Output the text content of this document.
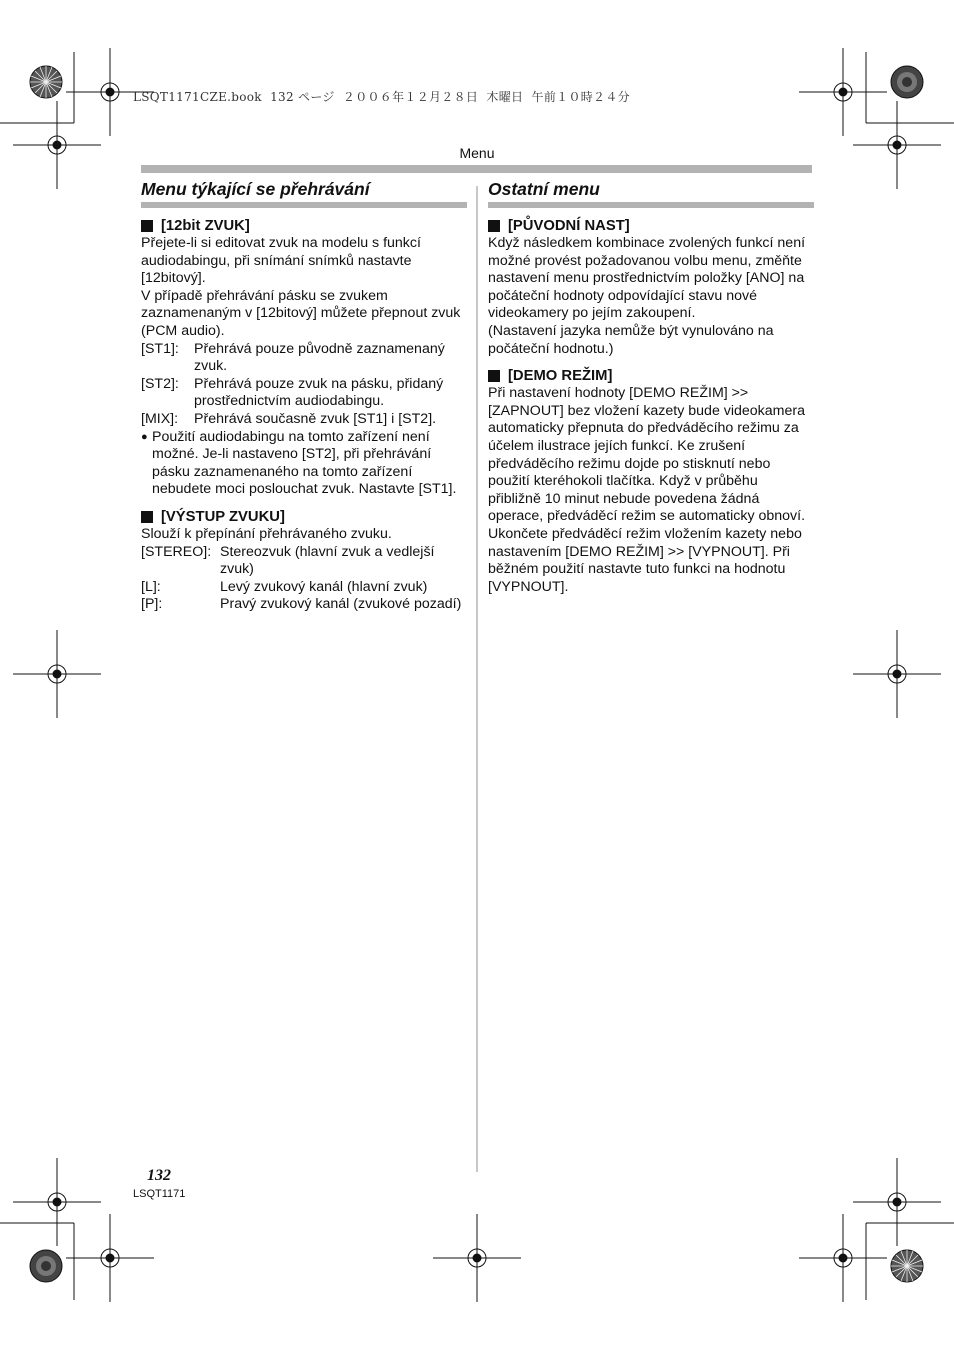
LSQT1171CZE.book  132 ページ  ２００６年１２月２８日  木曜日  午前１０時２４分
Menu
Menu týkající se přehrávání
[12bit ZVUK]

Přejete-li si editovat zvuk na modelu s funkcí audiodabingu, při snímání snímků nastavte [12bitový].

V případě přehrávání pásku se zvukem zaznamenaným v [12bitový] můžete přepnout zvuk (PCM audio).

[ST1]:	Přehrává pouze původně zaznamenaný zvuk.
[ST2]:	Přehrává pouze zvuk na pásku, přidaný prostřednictvím audiodabingu.
[MIX]:	Přehrává současně zvuk [ST1] i [ST2].
● Použití audiodabingu na tomto zařízení není možné. Je-li nastaveno [ST2], při přehrávání pásku zaznamenaného na tomto zařízení nebudete moci poslouchat zvuk. Nastavte [ST1].
[VÝSTUP ZVUKU]

Slouží k přepínání přehrávaného zvuku.

[STEREO]: Stereozvuk (hlavní zvuk a vedlejší zvuk)
[L]:	Levý zvukový kanál (hlavní zvuk)
[P]:	Pravý zvukový kanál (zvukové pozadí)
Ostatní menu
[PŮVODNÍ NAST]

Když následkem kombinace zvolených funkcí není možné provést požadovanou volbu menu, změňte nastavení menu prostřednictvím položky [ANO] na počáteční hodnoty odpovídající stavu nové videokamery po jejím zakoupení.

(Nastavení jazyka nemůže být vynulováno na počáteční hodnotu.)

[DEMO REŽIM]

Při nastavení hodnoty [DEMO REŽIM] >> [ZAPNOUT] bez vložení kazety bude videokamera automaticky přepnuta do předváděcího režimu za účelem ilustrace jejích funkcí. Ke zrušení předváděcího režimu dojde po stisknutí nebo použití kteréhokoli tlačítka. Když v průběhu přibližně 10 minut nebude povedena žádná operace, předváděcí režim se automaticky obnoví. Ukončete předváděcí režim vložením kazety nebo nastavením [DEMO REŽIM] >> [VYPNOUT]. Při běžném použití nastavte tuto funkci na hodnotu [VYPNOUT].

132
LSQT1171
